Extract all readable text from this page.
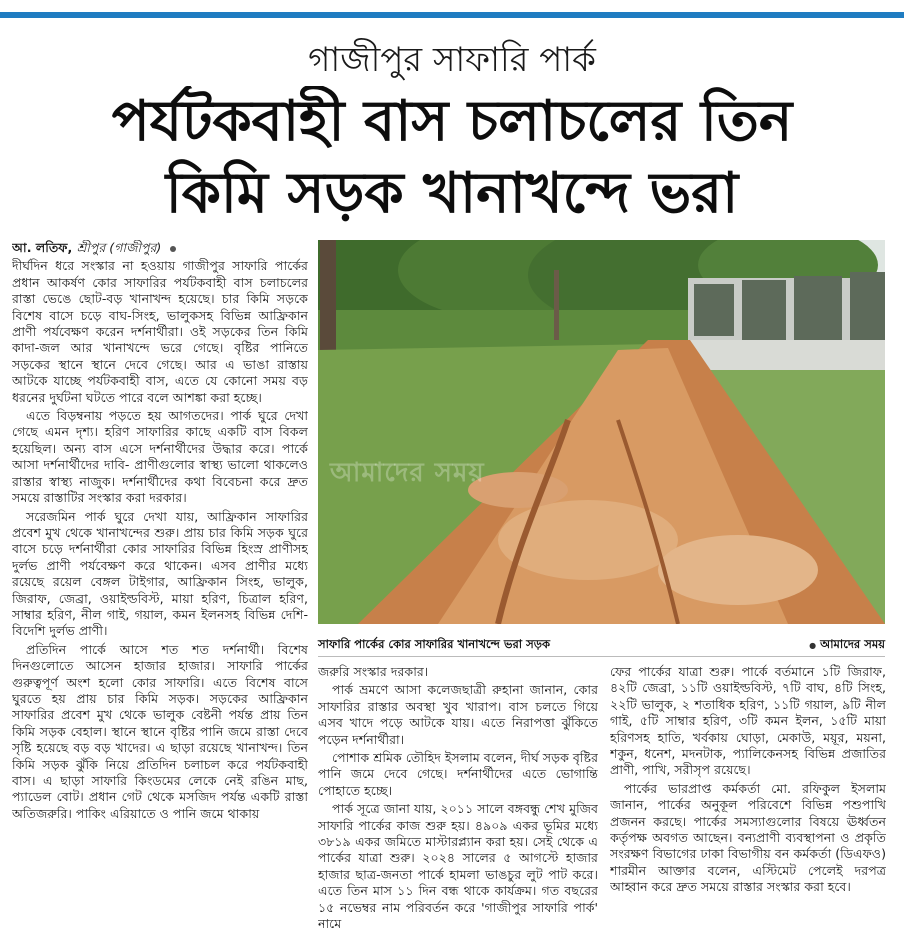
গাজীপুর সাফারি পার্ক
পর্যটকবাহী বাস চলাচলের তিন
কিমি সড়ক খানাখন্দে ভরা
আ. লতিফ, শ্রীপুর (গাজীপুর)

দীর্ঘদিন ধরে সংস্কার না হওয়ায় গাজীপুর সাফারি পার্কের প্রধান আকর্ষণ কোর সাফারির পর্যটকবাহী বাস চলাচলের রাস্তা ভেঙে ছোট-বড় খানাখন্দ হয়েছে। চার কিমি সড়কে বিশেষ বাসে চড়ে বাঘ-সিংহ, ভালুকসহ বিভিন্ন আফ্রিকান প্রাণী পর্যবেক্ষণ করেন দর্শনার্থীরা। ওই সড়কের তিন কিমি কাদা-জল আর খানাখন্দে ভরে গেছে। বৃষ্টির পানিতে সড়কের স্থানে স্থানে দেবে গেছে। আর এ ভাঙা রাস্তায় আটকে যাচ্ছে পর্যটকবাহী বাস, এতে যে কোনো সময় বড় ধরনের দুর্ঘটনা ঘটতে পারে বলে আশঙ্কা করা হচ্ছে।

এতে বিড়ম্বনায় পড়তে হয় আগতদের। পার্ক ঘুরে দেখা গেছে এমন দৃশ্য। হরিণ সাফারির কাছে একটি বাস বিকল হয়েছিল। অন্য বাস এসে দর্শনার্থীদের উদ্ধার করে। পার্কে আসা দর্শনার্থীদের দাবি- প্রাণীগুলোর স্বাস্থ্য ভালো থাকলেও রাস্তার স্বাস্থ্য নাজুক। দর্শনার্থীদের কথা বিবেচনা করে দ্রুত সময়ে রাস্তাটির সংস্কার করা দরকার।

সরেজমিন পার্ক ঘুরে দেখা যায়, আফ্রিকান সাফারির প্রবেশ মুখ থেকে খানাখন্দের শুরু। প্রায় চার কিমি সড়ক ঘুরে বাসে চড়ে দর্শনার্থীরা কোর সাফারির বিভিন্ন হিংস্র প্রাণীসহ দুর্লভ প্রাণী পর্যবেক্ষণ করে থাকেন। এসব প্রাণীর মধ্যে রয়েছে রয়েল বেঙ্গল টাইগার, আফ্রিকান সিংহ, ভালুক, জিরাফ, জেব্রা, ওয়াইল্ডবিস্ট, মায়া হরিণ, চিত্রাল হরিণ, সাম্বার হরিণ, নীল গাই, গয়াল, কমন ইলনসহ বিভিন্ন দেশি-বিদেশি দুর্লভ প্রাণী।

প্রতিদিন পার্কে আসে শত শত দর্শনার্থী। বিশেষ দিনগুলোতে আসেন হাজার হাজার। সাফারি পার্কের গুরুত্বপূর্ণ অংশ হলো কোর সাফারি। এতে বিশেষ বাসে ঘুরতে হয় প্রায় চার কিমি সড়ক। সড়কের আফ্রিকান সাফারির প্রবেশ মুখ থেকে ভালুক বেষ্টনী পর্যন্ত প্রায় তিন কিমি সড়ক বেহাল। স্থানে স্থানে বৃষ্টির পানি জমে রাস্তা দেবে সৃষ্টি হয়েছে বড় বড় খাদের। এ ছাড়া রয়েছে খানাখন্দ। তিন কিমি সড়ক ঝুঁকি নিয়ে প্রতিদিন চলাচল করে পর্যটকবাহী বাস। এ ছাড়া সাফারি কিংডমের লেকে নেই রঙিন মাছ, প্যাডেল বোট। প্রধান গেট থেকে মসজিদ পর্যন্ত একটি রাস্তা অতিজরুরি। পাকিং এরিয়াতে ও পানি জমে থাকায়

আমাদের সময়
সাফারি পার্কের কোর সাফারির খানাখন্দে ভরা সড়ক
●	আমাদের সময়

জরুরি সংস্কার দরকার।

পার্ক ভ্রমণে আসা কলেজছাত্রী রুহানা জানান, কোর সাফারির রাস্তার অবস্থা খুব খারাপ। বাস চলতে গিয়ে এসব খাদে পড়ে আটকে যায়। এতে নিরাপত্তা ঝুঁকিতে পড়েন দর্শনার্থীরা।

পোশাক শ্রমিক তৌহিদ ইসলাম বলেন, দীর্ঘ সড়ক বৃষ্টির পানি জমে দেবে গেছে। দর্শনার্থীদের এতে ভোগান্তি পোহাতে হচ্ছে।

পার্ক সূত্রে জানা যায়, ২০১১ সালে বঙ্গবন্ধু শেখ মুজিব সাফারি পার্কের কাজ শুরু হয়। ৪৯০৯ একর ভূমির মধ্যে ৩৮১৯ একর জমিতে মাস্টারপ্ল্যান করা হয়। সেই থেকে এ পার্কের যাত্রা শুরু। ২০২৪ সালের ৫ আগস্টে হাজার হাজার ছাত্র-জনতা পার্কে হামলা ভাঙচুর লুট পাট করে। এতে তিন মাস ১১ দিন বন্ধ থাকে কার্যক্রম। গত বছরের ১৫ নভেম্বর নাম পরিবর্তন করে 'গাজীপুর সাফারি পার্ক' নামে

ফের পার্কের যাত্রা শুরু। পার্কে বর্তমানে ১টি জিরাফ, ৪২টি জেব্রা, ১১টি ওয়াইল্ডবিস্ট, ৭টি বাঘ, ৪টি সিংহ, ২২টি ভালুক, ২ শতাধিক হরিণ, ১১টি গয়াল, ৯টি নীল গাই, ৫টি সাম্বার হরিণ, ৩টি কমন ইলন, ১৫টি মায়া হরিণসহ হাতি, খর্বকায় ঘোড়া, মেকাউ, ময়ূর, ময়না, শকুন, ধনেশ, মদনটাক, প্যালিকেনসহ বিভিন্ন প্রজাতির প্রাণী, পাখি, সরীসৃপ রয়েছে।

পার্কের ভারপ্রাপ্ত কর্মকর্তা মো. রফিকুল ইসলাম জানান, পার্কের অনুকূল পরিবেশে বিভিন্ন পশুপাখি প্রজনন করছে। পার্কের সমস্যাগুলোর বিষয়ে ঊর্ধ্বতন কর্তৃপক্ষ অবগত আছেন। বন্যপ্রাণী ব্যবস্থাপনা ও প্রকৃতি সংরক্ষণ বিভাগের ঢাকা বিভাগীয় বন কর্মকর্তা (ডিএফও) শারমীন আক্তার বলেন, এস্টিমেট পেলেই দরপত্র আহ্বান করে দ্রুত সময়ে রাস্তার সংস্কার করা হবে।
